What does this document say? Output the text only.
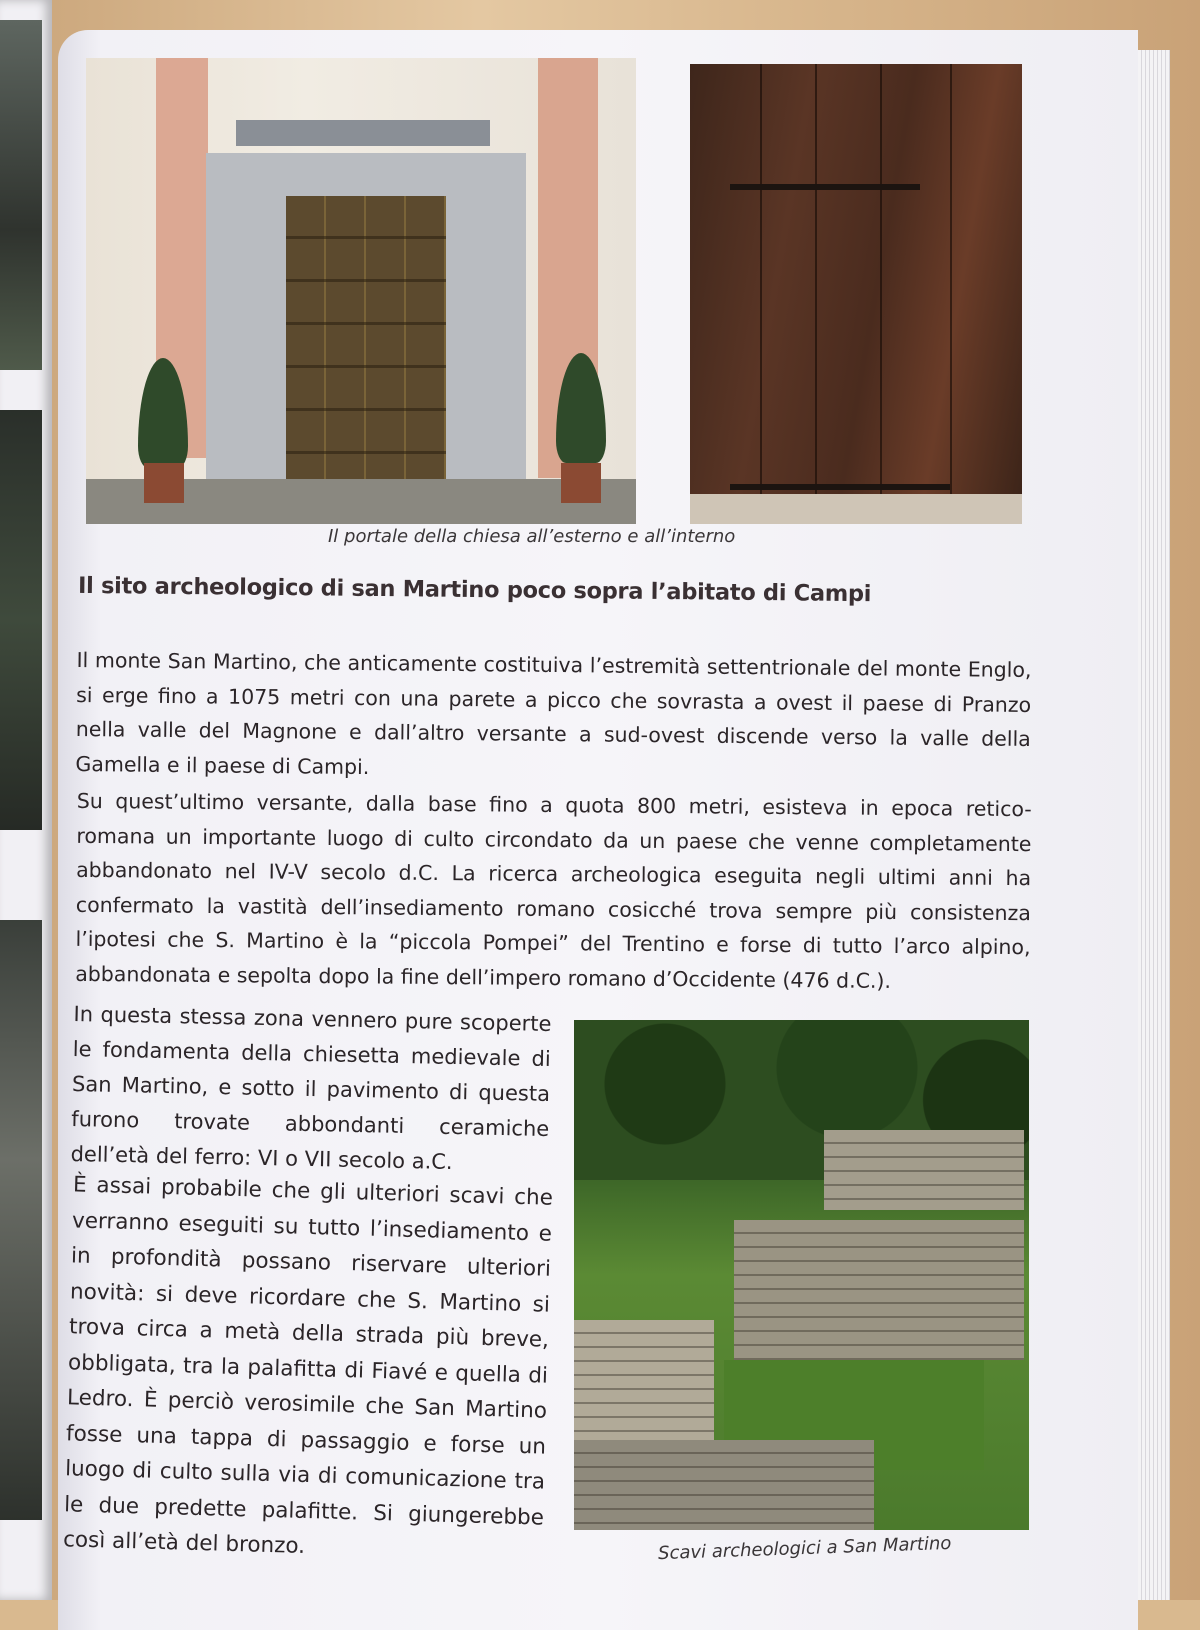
Il portale della chiesa all’esterno e all’interno
Il sito archeologico di san Martino poco sopra l’abitato di Campi

Il monte San Martino, che anticamente costituiva l’estremità settentrionale del monte Englo, si erge fino a 1075 metri con una parete a picco che sovrasta a ovest il paese di Pranzo nella valle del Magnone e dall’altro versante a sud-ovest discende verso la valle della Gamella e il paese di Campi.

Su quest’ultimo versante, dalla base fino a quota 800 metri, esisteva in epoca retico-romana un importante luogo di culto circondato da un paese che venne completamente abbandonato nel IV-V secolo d.C. La ricerca archeologica eseguita negli ultimi anni ha confermato la vastità dell’insediamento romano cosicché trova sempre più consistenza l’ipotesi che S. Martino è la “piccola Pompei” del Trentino e forse di tutto l’arco alpino, abbandonata e sepolta dopo la fine dell’impero romano d’Occidente (476 d.C.).

In questa stessa zona vennero pure scoperte le fondamenta della chiesetta medievale di San Martino, e sotto il pavimento di questa furono trovate abbondanti ceramiche dell’età del ferro: VI o VII secolo a.C.

È assai probabile che gli ulteriori scavi che verranno eseguiti su tutto l’insediamento e in profondità possano riservare ulteriori novità: si deve ricordare che S. Martino si trova circa a metà della strada più breve, obbligata, tra la palafitta di Fiavé e quella di Ledro. È perciò verosimile che San Martino fosse una tappa di passaggio e forse un luogo di culto sulla via di comunicazione tra le due predette palafitte. Si giungerebbe così all’età del bronzo.	Scavi archeologici a San Martino
